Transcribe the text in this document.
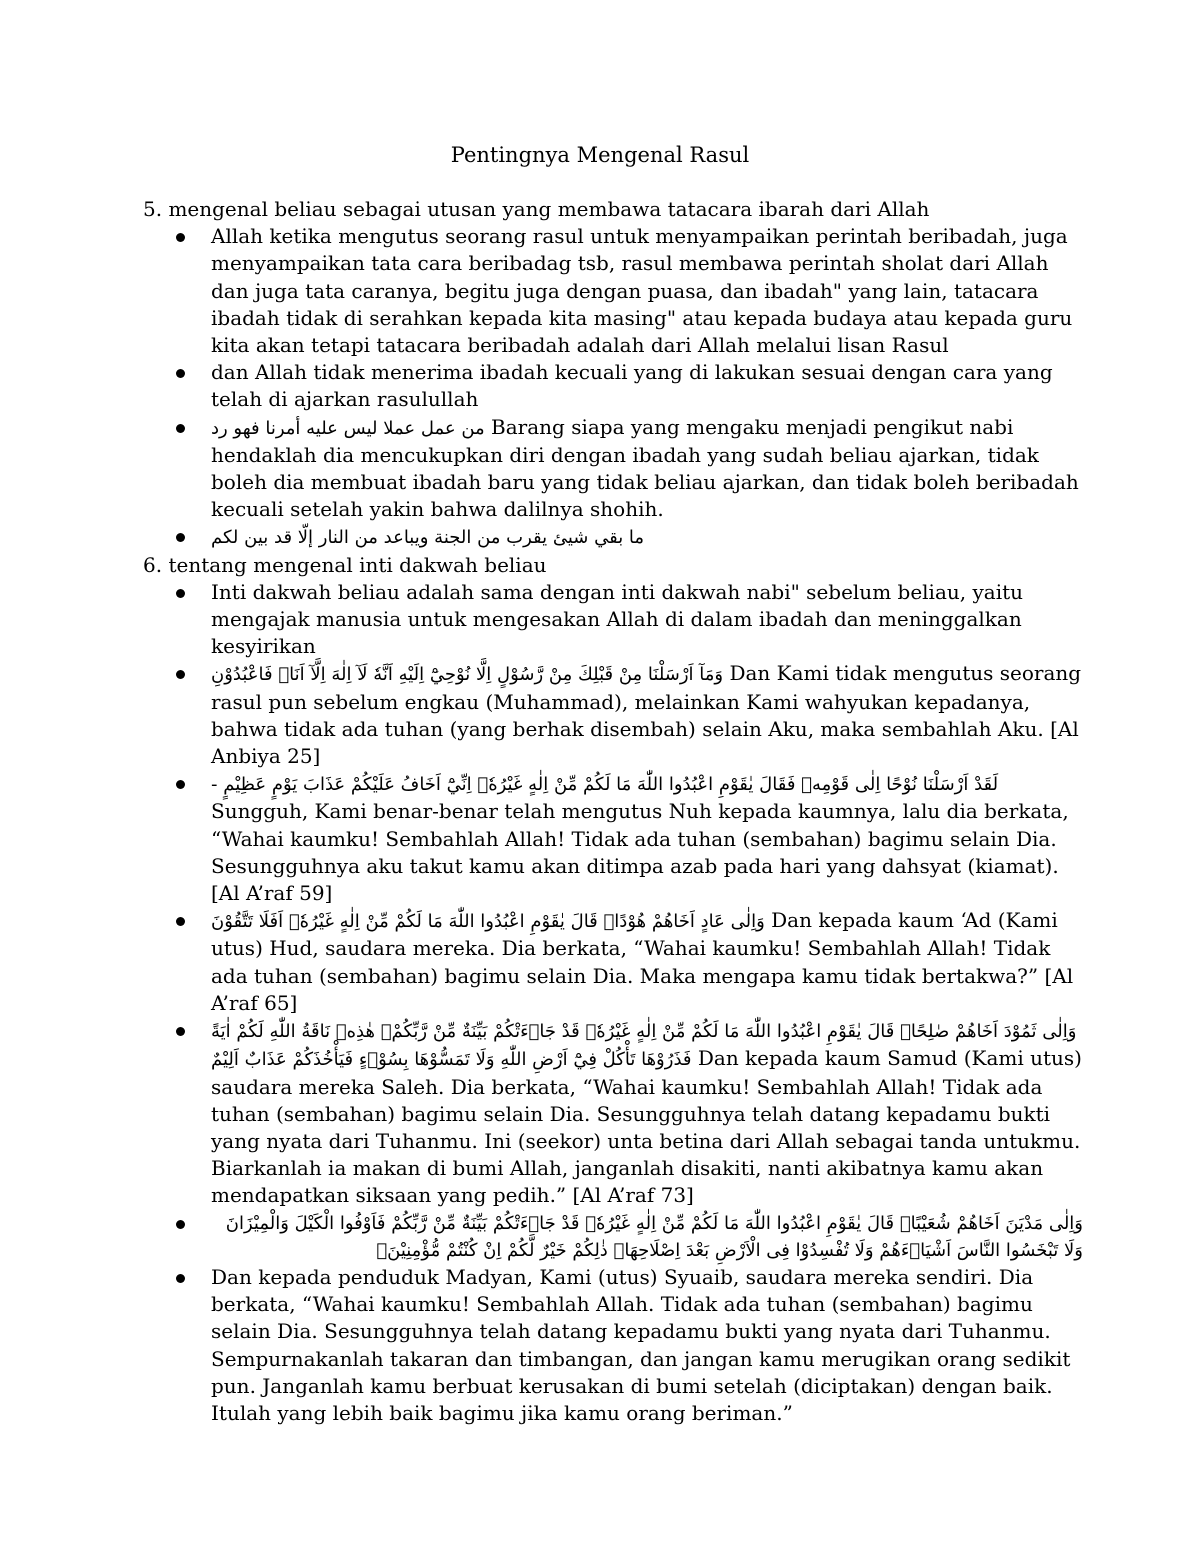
Pentingnya Mengenal Rasul

5. mengenal beliau sebagai utusan yang membawa tatacara ibarah dari Allah

Allah ketika mengutus seorang rasul untuk menyampaikan perintah beribadah, juga menyampaikan tata cara beribadag tsb, rasul membawa perintah sholat dari Allah dan juga tata caranya, begitu juga dengan puasa, dan ibadah" yang lain, tatacara ibadah tidak di serahkan kepada kita masing" atau kepada budaya atau kepada guru kita akan tetapi tatacara beribadah adalah dari Allah melalui lisan Rasul
dan Allah tidak menerima ibadah kecuali yang di lakukan sesuai dengan cara yang telah di ajarkan rasulullah
من عمل عملا ليس عليه أمرنا فهو رد Barang siapa yang mengaku menjadi pengikut nabi hendaklah dia mencukupkan diri dengan ibadah yang sudah beliau ajarkan, tidak boleh dia membuat ibadah baru yang tidak beliau ajarkan, dan tidak boleh beribadah kecuali setelah yakin bahwa dalilnya shohih.
ما بقي شيئ يقرب من الجنة ويباعد من النار إلّا قد بين لكم

6. tentang mengenal inti dakwah beliau

Inti dakwah beliau adalah sama dengan inti dakwah nabi" sebelum beliau, yaitu mengajak manusia untuk mengesakan Allah di dalam ibadah dan meninggalkan kesyirikan
وَمَآ اَرْسَلْنَا مِنْ قَبْلِكَ مِنْ رَّسُوْلٍ اِلَّا نُوْحِيْٓ اِلَيْهِ اَنَّهٗ لَآ اِلٰهَ اِلَّآ اَنَا۠ فَاعْبُدُوْنِ Dan Kami tidak mengutus seorang rasul pun sebelum engkau (Muhammad), melainkan Kami wahyukan kepadanya, bahwa tidak ada tuhan (yang berhak disembah) selain Aku, maka sembahlah Aku. [Al Anbiya 25]
لَقَدْ اَرْسَلْنَا نُوْحًا اِلٰى قَوْمِهٖ فَقَالَ يٰقَوْمِ اعْبُدُوا اللّٰهَ مَا لَكُمْ مِّنْ اِلٰهٍ غَيْرُهٗۗ اِنِّيْٓ اَخَافُ عَلَيْكُمْ عَذَابَ يَوْمٍ عَظِيْمٍ - Sungguh, Kami benar-benar telah mengutus Nuh kepada kaumnya, lalu dia berkata, “Wahai kaumku! Sembahlah Allah! Tidak ada tuhan (sembahan) bagimu selain Dia. Sesungguhnya aku takut kamu akan ditimpa azab pada hari yang dahsyat (kiamat). [Al A’raf 59]
وَاِلٰى عَادٍ اَخَاهُمْ هُوْدًاۗ قَالَ يٰقَوْمِ اعْبُدُوا اللّٰهَ مَا لَكُمْ مِّنْ اِلٰهٍ غَيْرُهٗۗ اَفَلَا تَتَّقُوْنَ Dan kepada kaum ‘Ad (Kami utus) Hud, saudara mereka. Dia berkata, “Wahai kaumku! Sembahlah Allah! Tidak ada tuhan (sembahan) bagimu selain Dia. Maka mengapa kamu tidak bertakwa?” [Al A’raf 65]
وَاِلٰى ثَمُوْدَ اَخَاهُمْ صٰلِحًاۘ قَالَ يٰقَوْمِ اعْبُدُوا اللّٰهَ مَا لَكُمْ مِّنْ اِلٰهٍ غَيْرُهٗۗ قَدْ جَاۤءَتْكُمْ بَيِّنَةٌ مِّنْ رَّبِّكُمْۗ هٰذِهٖ نَاقَةُ اللّٰهِ لَكُمْ اٰيَةً فَذَرُوْهَا تَأْكُلْ فِيْٓ اَرْضِ اللّٰهِ وَلَا تَمَسُّوْهَا بِسُوْۤءٍ فَيَأْخُذَكُمْ عَذَابٌ اَلِيْمٌ Dan kepada kaum Samud (Kami utus) saudara mereka Saleh. Dia berkata, “Wahai kaumku! Sembahlah Allah! Tidak ada tuhan (sembahan) bagimu selain Dia. Sesungguhnya telah datang kepadamu bukti yang nyata dari Tuhanmu. Ini (seekor) unta betina dari Allah sebagai tanda untukmu. Biarkanlah ia makan di bumi Allah, janganlah disakiti, nanti akibatnya kamu akan mendapatkan siksaan yang pedih.” [Al A’raf 73]
وَاِلٰى مَدْيَنَ اَخَاهُمْ شُعَيْبًاۗ قَالَ يٰقَوْمِ اعْبُدُوا اللّٰهَ مَا لَكُمْ مِّنْ اِلٰهٍ غَيْرُهٗۗ قَدْ جَاۤءَتْكُمْ بَيِّنَةٌ مِّنْ رَّبِّكُمْ فَاَوْفُوا الْكَيْلَ وَالْمِيْزَانَ وَلَا تَبْخَسُوا النَّاسَ اَشْيَاۤءَهُمْ وَلَا تُفْسِدُوْا فِى الْاَرْضِ بَعْدَ اِصْلَاحِهَاۗ ذٰلِكُمْ خَيْرٌ لَّكُمْ اِنْ كُنْتُمْ مُّؤْمِنِيْنَۚ
Dan kepada penduduk Madyan, Kami (utus) Syuaib, saudara mereka sendiri. Dia berkata, “Wahai kaumku! Sembahlah Allah. Tidak ada tuhan (sembahan) bagimu selain Dia. Sesungguhnya telah datang kepadamu bukti yang nyata dari Tuhanmu. Sempurnakanlah takaran dan timbangan, dan jangan kamu merugikan orang sedikit pun. Janganlah kamu berbuat kerusakan di bumi setelah (diciptakan) dengan baik. Itulah yang lebih baik bagimu jika kamu orang beriman.”
